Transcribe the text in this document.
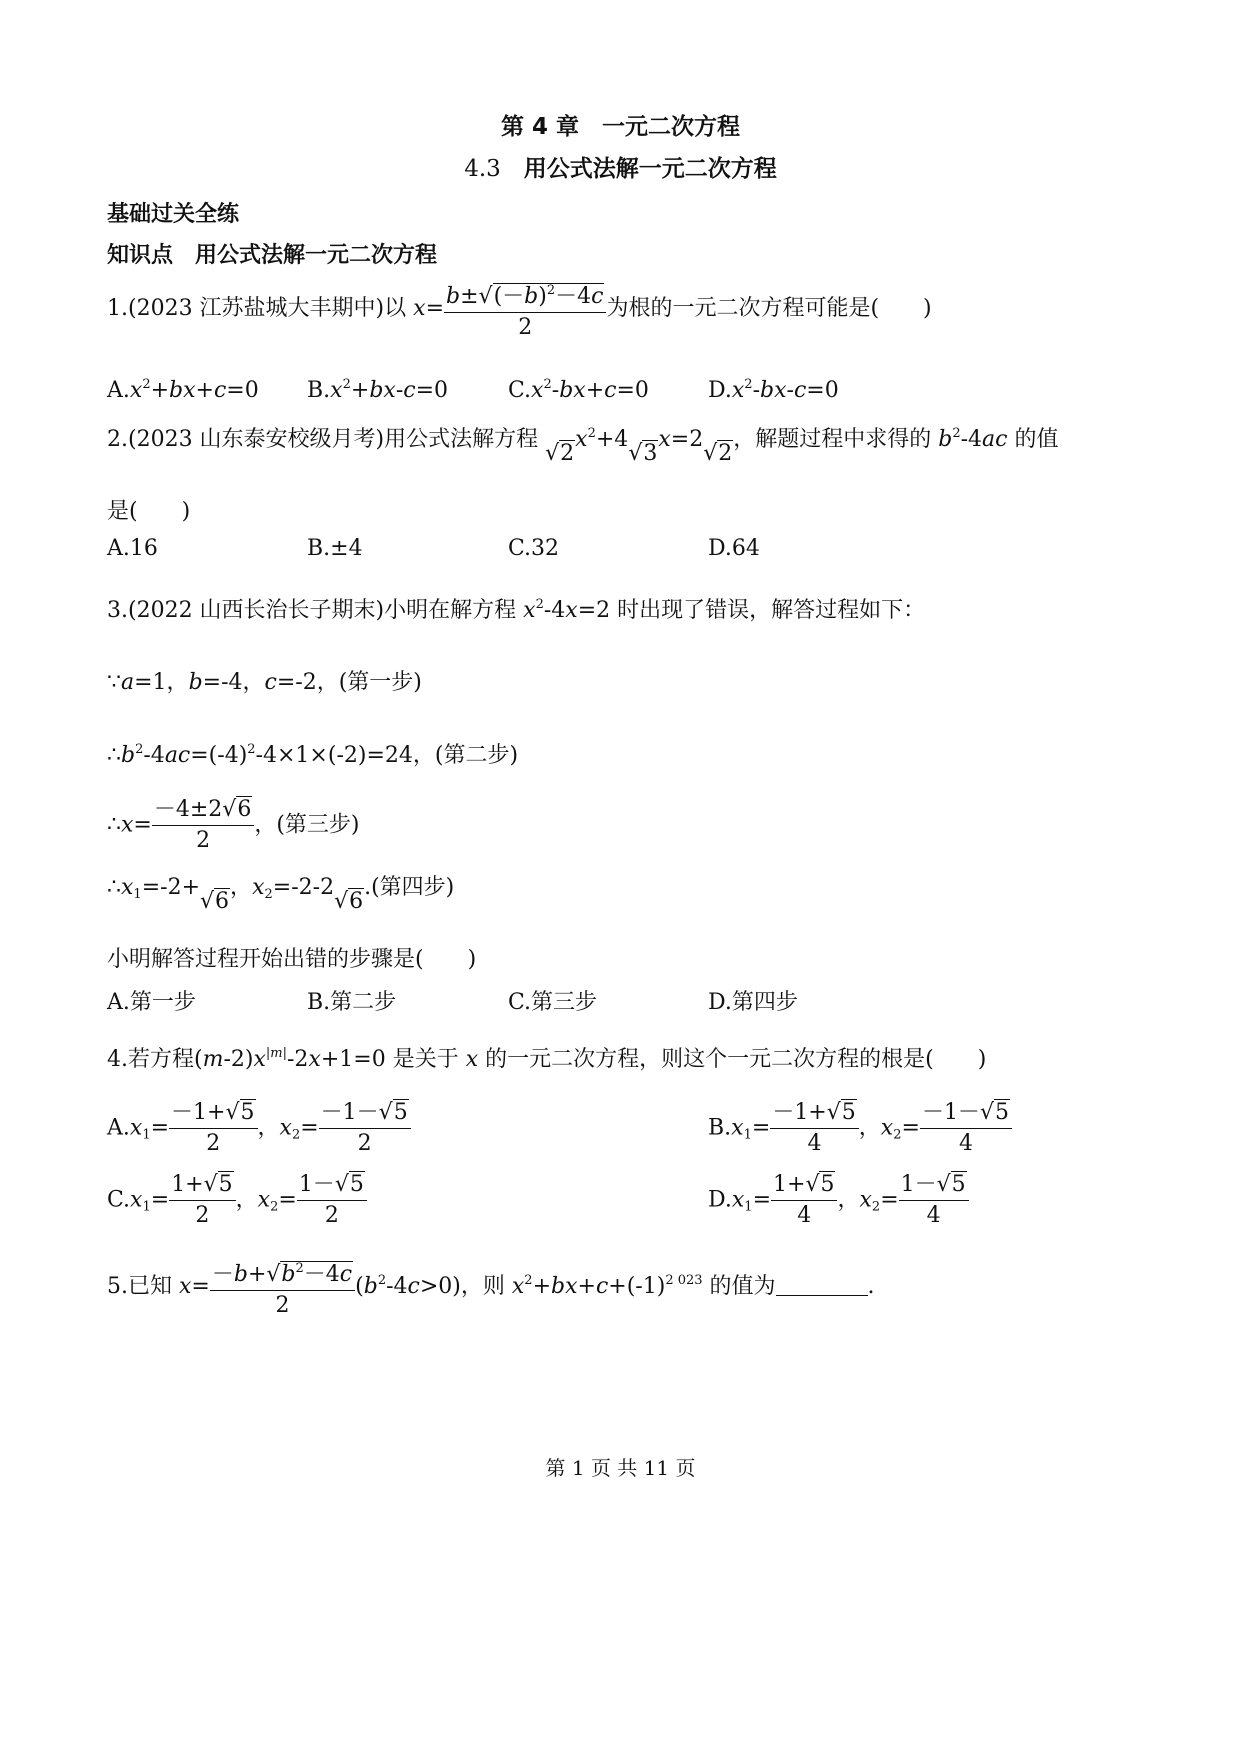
第 4 章　一元二次方程
4.3　用公式法解一元二次方程
基础过关全练
知识点　用公式法解一元二次方程
1.(2023 江苏盐城大丰期中)以 $x= \frac{b\pm√(-b)^2-4c}{2}$ 为根的一元二次方程可能是(　　)
$A.x^2+bx+c=0$ $B.x^2+bx-c=0$	$C.x^2-bx+c=0$	$D.x^2-bx-c=0$
2.(2023 山东泰安校级月考)用公式法解方程 $√2x^2+4√3x=2√2$，解题过程中求得的 $b^2-4ac$ 的值
是(　　)
A.16	B.±4	C.32	D.64
3.(2022 山西长治长子期末)小明在解方程 $x^2-4x=2$ 时出现了错误，解答过程如下：
∵a=1，b=-4，c=-2，(第一步)
$\therefore b^2-4ac=(-4)^2-4\times 1\times(-2)=24$，(第二步)
∴x= $\frac{-4\pm 2√6}{2}$ ，(第三步)
$\therefore x_1=-2+√6$，$x_2=-2-2√6$.(第四步)
小明解答过程开始出错的步骤是(　　)
A.第一步	B.第二步	C.第三步	D.第四步
4.若方程$(m-2)x^{|m|}-2x+1=0$ 是关于 x 的一元二次方程，则这个一元二次方程的根是(　　)
$A.x_1= \frac{-1+√5}{2}$ ，$x_2= \frac{-1-√5}{2}$	$B.x_1= \frac{-1+√5}{4}$ ，$x_2= \frac{-1-√5}{4}$
$C.x_1= \frac{1+√5}{2}$ ，$x_2= \frac{1-√5}{2}$	$D.x_1= \frac{1+√5}{4}$ ，$x_2= \frac{1-√5}{4}$
5.已知 $x= \frac{-b+√b^2-4c}{2} (b^2-4c>0)$，则 $x^2+bx+c+(-1)^{2 023}$ 的值为	.
第 1 页 共 11 页
